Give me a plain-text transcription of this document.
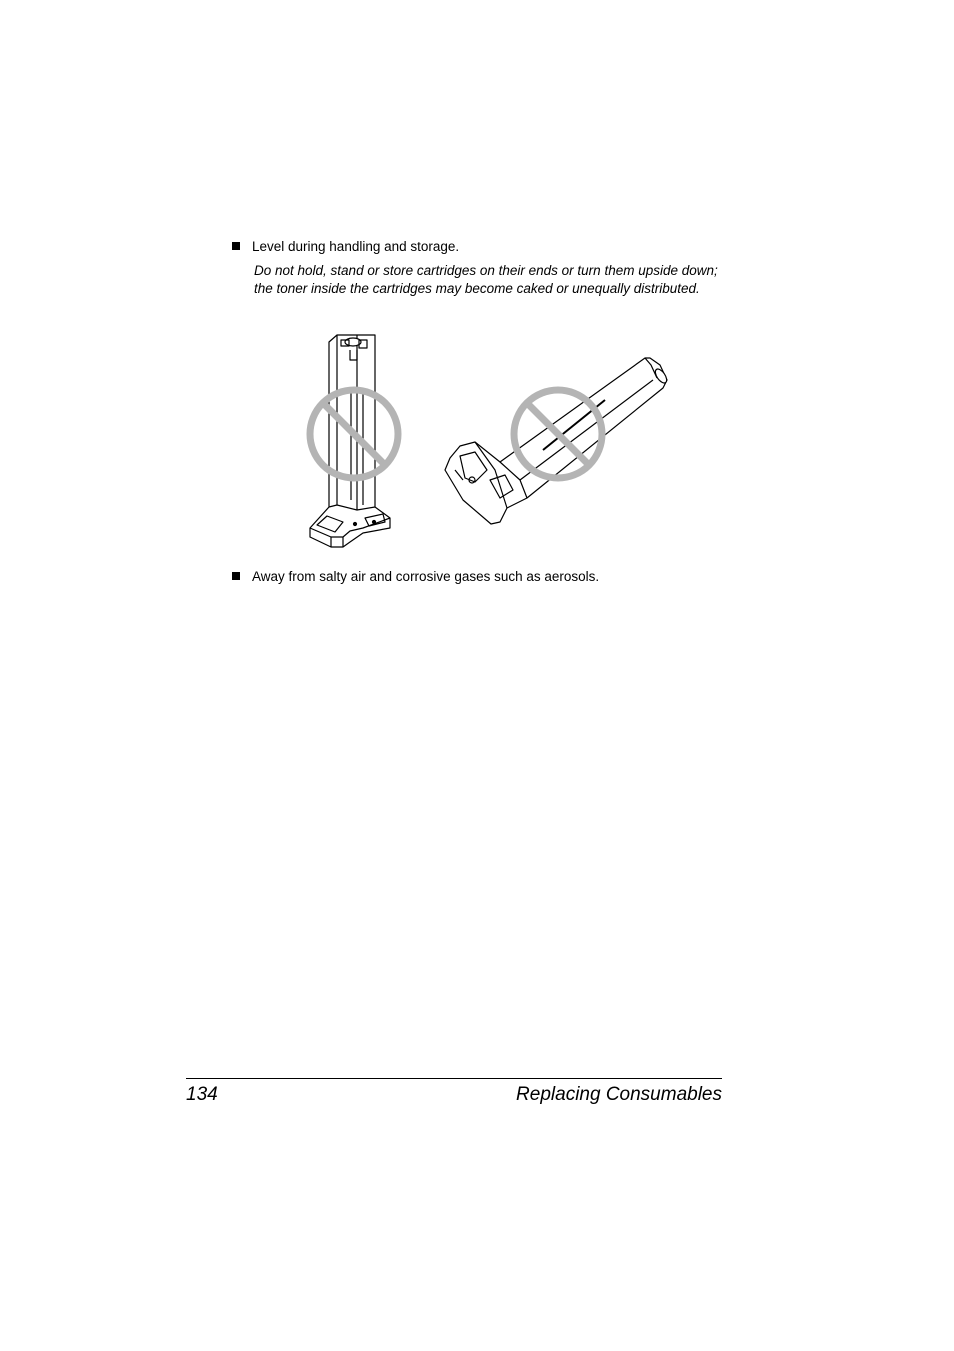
Level during handling and storage.
Do not hold, stand or store cartridges on their ends or turn them upside down; the toner inside the cartridges may become caked or unequally distributed.
Away from salty air and corrosive gases such as aerosols.
134	Replacing Consumables
